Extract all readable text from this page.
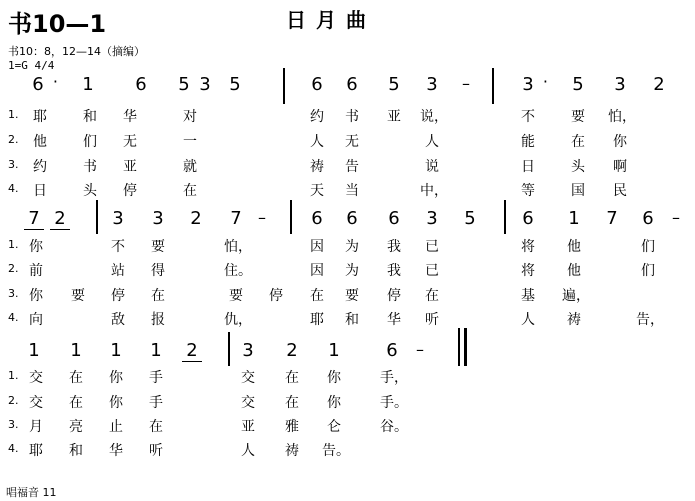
书10—1	日月曲
书10：8，12—14（摘编）
1=G 4/4
· 6	1	6	5 3	5	6	6	5	3	–
·	3	5	3	2
1.	耶	和	华	对	约	书	亚	说，	不	要	怕，
2.	他	们	无	一	人	无	人	能	在	你
3.	约	书	亚	就	祷	告	说	日	头	啊
4.	日	头	停	在	天	当	中，	等	国	民
7 2	3	3	2	7	–	6	6	6	3	5	6	1	7	6	–
1. 你	不	要	怕，	因	为	我	已	将	他	们
2. 前	站	得	住。	因	为	我	已	将	他	们
3. 你	要	停	在	要	停	在	要	停	在	基	遍，
4. 向	敌	报	仇，	耶	和	华	听	人	祷	告，
1	1	1	1	2	3	2	1	6	–
1. 交	在	你	手	交	在	你	手，
2. 交	在	你	手	交	在	你	手。
3. 月	亮	止	在	亚	雅	仑	谷。
4. 耶	和	华	听	人	祷	告。
唱福音 11
